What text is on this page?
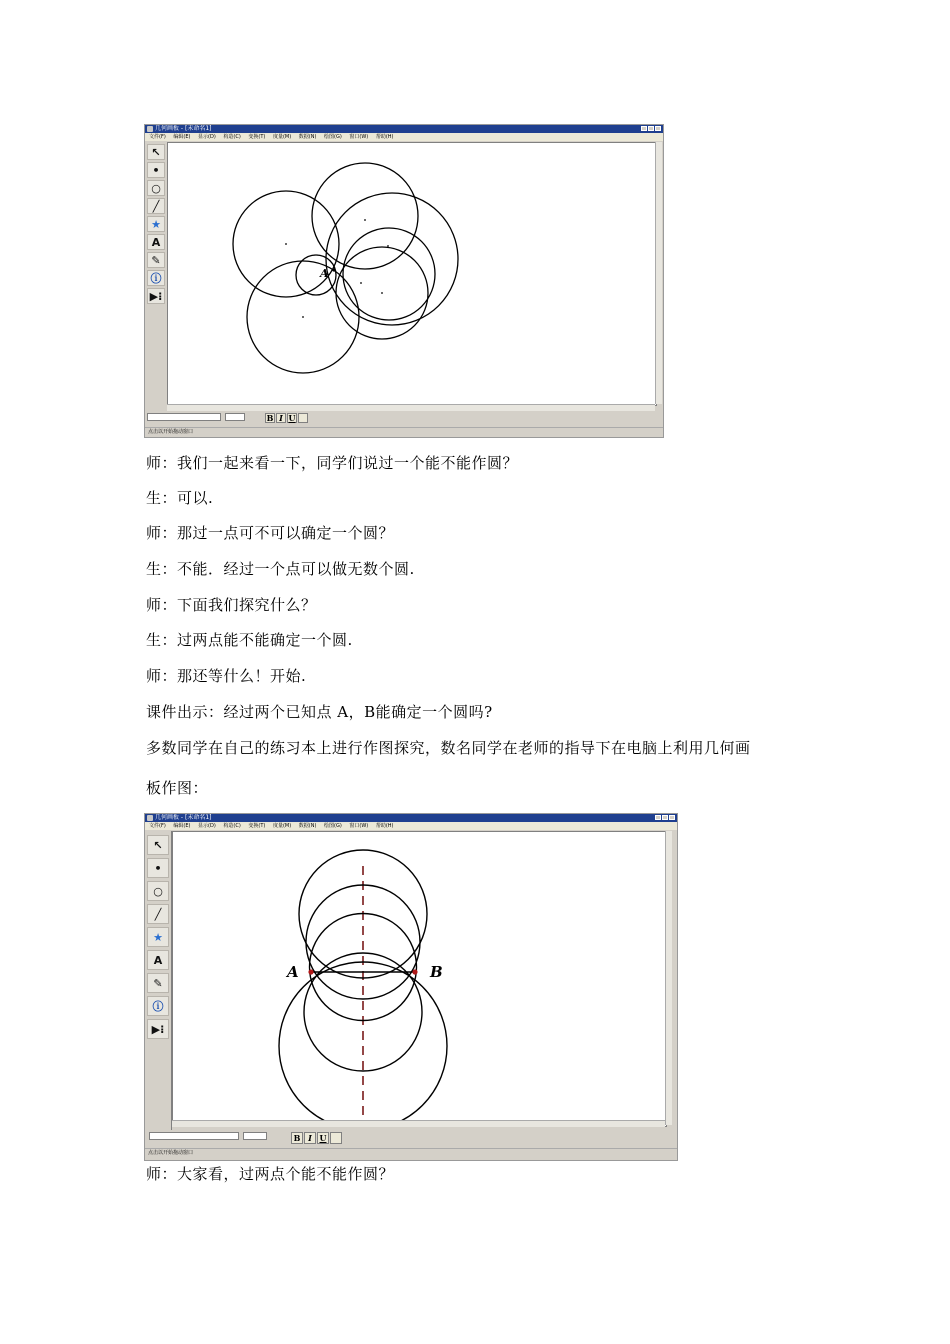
几何画板 - [未命名1]
文件(F) 编辑(E) 显示(D) 构造(C) 变换(T) 度量(M) 数据(N) 绘图(G) 窗口(W) 帮助(H)
↖
•
○
╱
★
A
✎
ⓘ
▶⁝
A
B I U
点击以开始拖动窗口
师：我们一起来看一下，同学们说过一个能不能作圆？
生：可以.
师：那过一点可不可以确定一个圆？
生：不能．经过一个点可以做无数个圆.
师：下面我们探究什么？
生：过两点能不能确定一个圆.
师：那还等什么！开始.
课件出示：经过两个已知点 A，B能确定一个圆吗?
多数同学在自己的练习本上进行作图探究，数名同学在老师的指导下在电脑上利用几何画
板作图：
几何画板 - [未命名1]
文件(F) 编辑(E) 显示(D) 构造(C) 变换(T) 度量(M) 数据(N) 绘图(G) 窗口(W) 帮助(H)
↖
•
○
╱
★
A
✎
ⓘ
▶⁝
A	B
B I U
点击以开始拖动窗口
师：大家看，过两点个能不能作圆？
